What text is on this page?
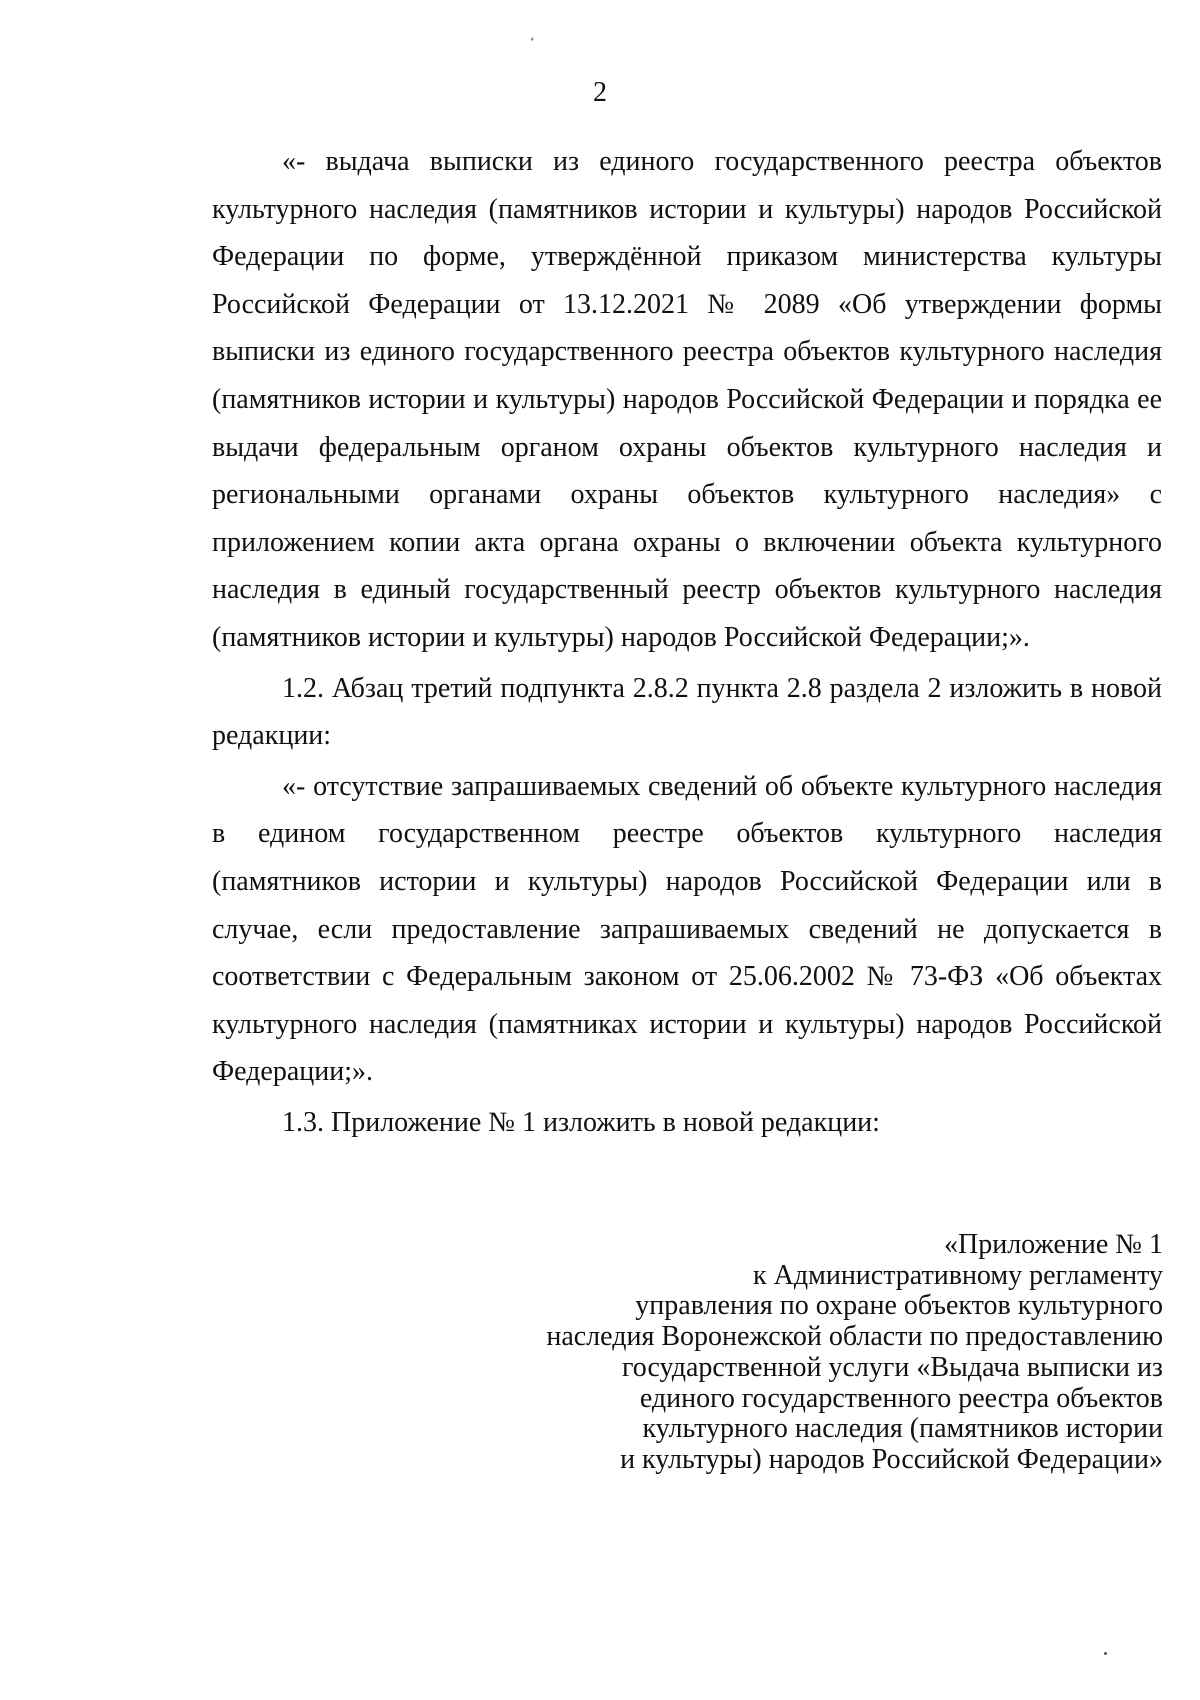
ʻ
2

«- выдача выписки из единого государственного реестра объектов культурного наследия (памятников истории и культуры) народов Российской Федерации по форме, утверждённой приказом министерства культуры Российской Федерации от 13.12.2021 № 2089 «Об утверждении формы выписки из единого государственного реестра объектов культурного наследия (памятников истории и культуры) народов Российской Федерации и порядка ее выдачи федеральным органом охраны объектов культурного наследия и региональными органами охраны объектов культурного наследия» с приложением копии акта органа охраны о включении объекта культурного наследия в единый государственный реестр объектов культурного наследия (памятников истории и культуры) народов Российской Федерации;».

1.2. Абзац третий подпункта 2.8.2 пункта 2.8 раздела 2 изложить в новой редакции:

«- отсутствие запрашиваемых сведений об объекте культурного наследия в едином государственном реестре объектов культурного наследия (памятников истории и культуры) народов Российской Федерации или в случае, если предоставление запрашиваемых сведений не допускается в соответствии с Федеральным законом от 25.06.2002 № 73-ФЗ «Об объектах культурного наследия (памятниках истории и культуры) народов Российской Федерации;».

1.3. Приложение № 1 изложить в новой редакции:

«Приложение № 1
к Административному регламенту
управления по охране объектов культурного
наследия Воронежской области по предоставлению
государственной услуги «Выдача выписки из
единого государственного реестра объектов
культурного наследия (памятников истории
и культуры) народов Российской Федерации»
